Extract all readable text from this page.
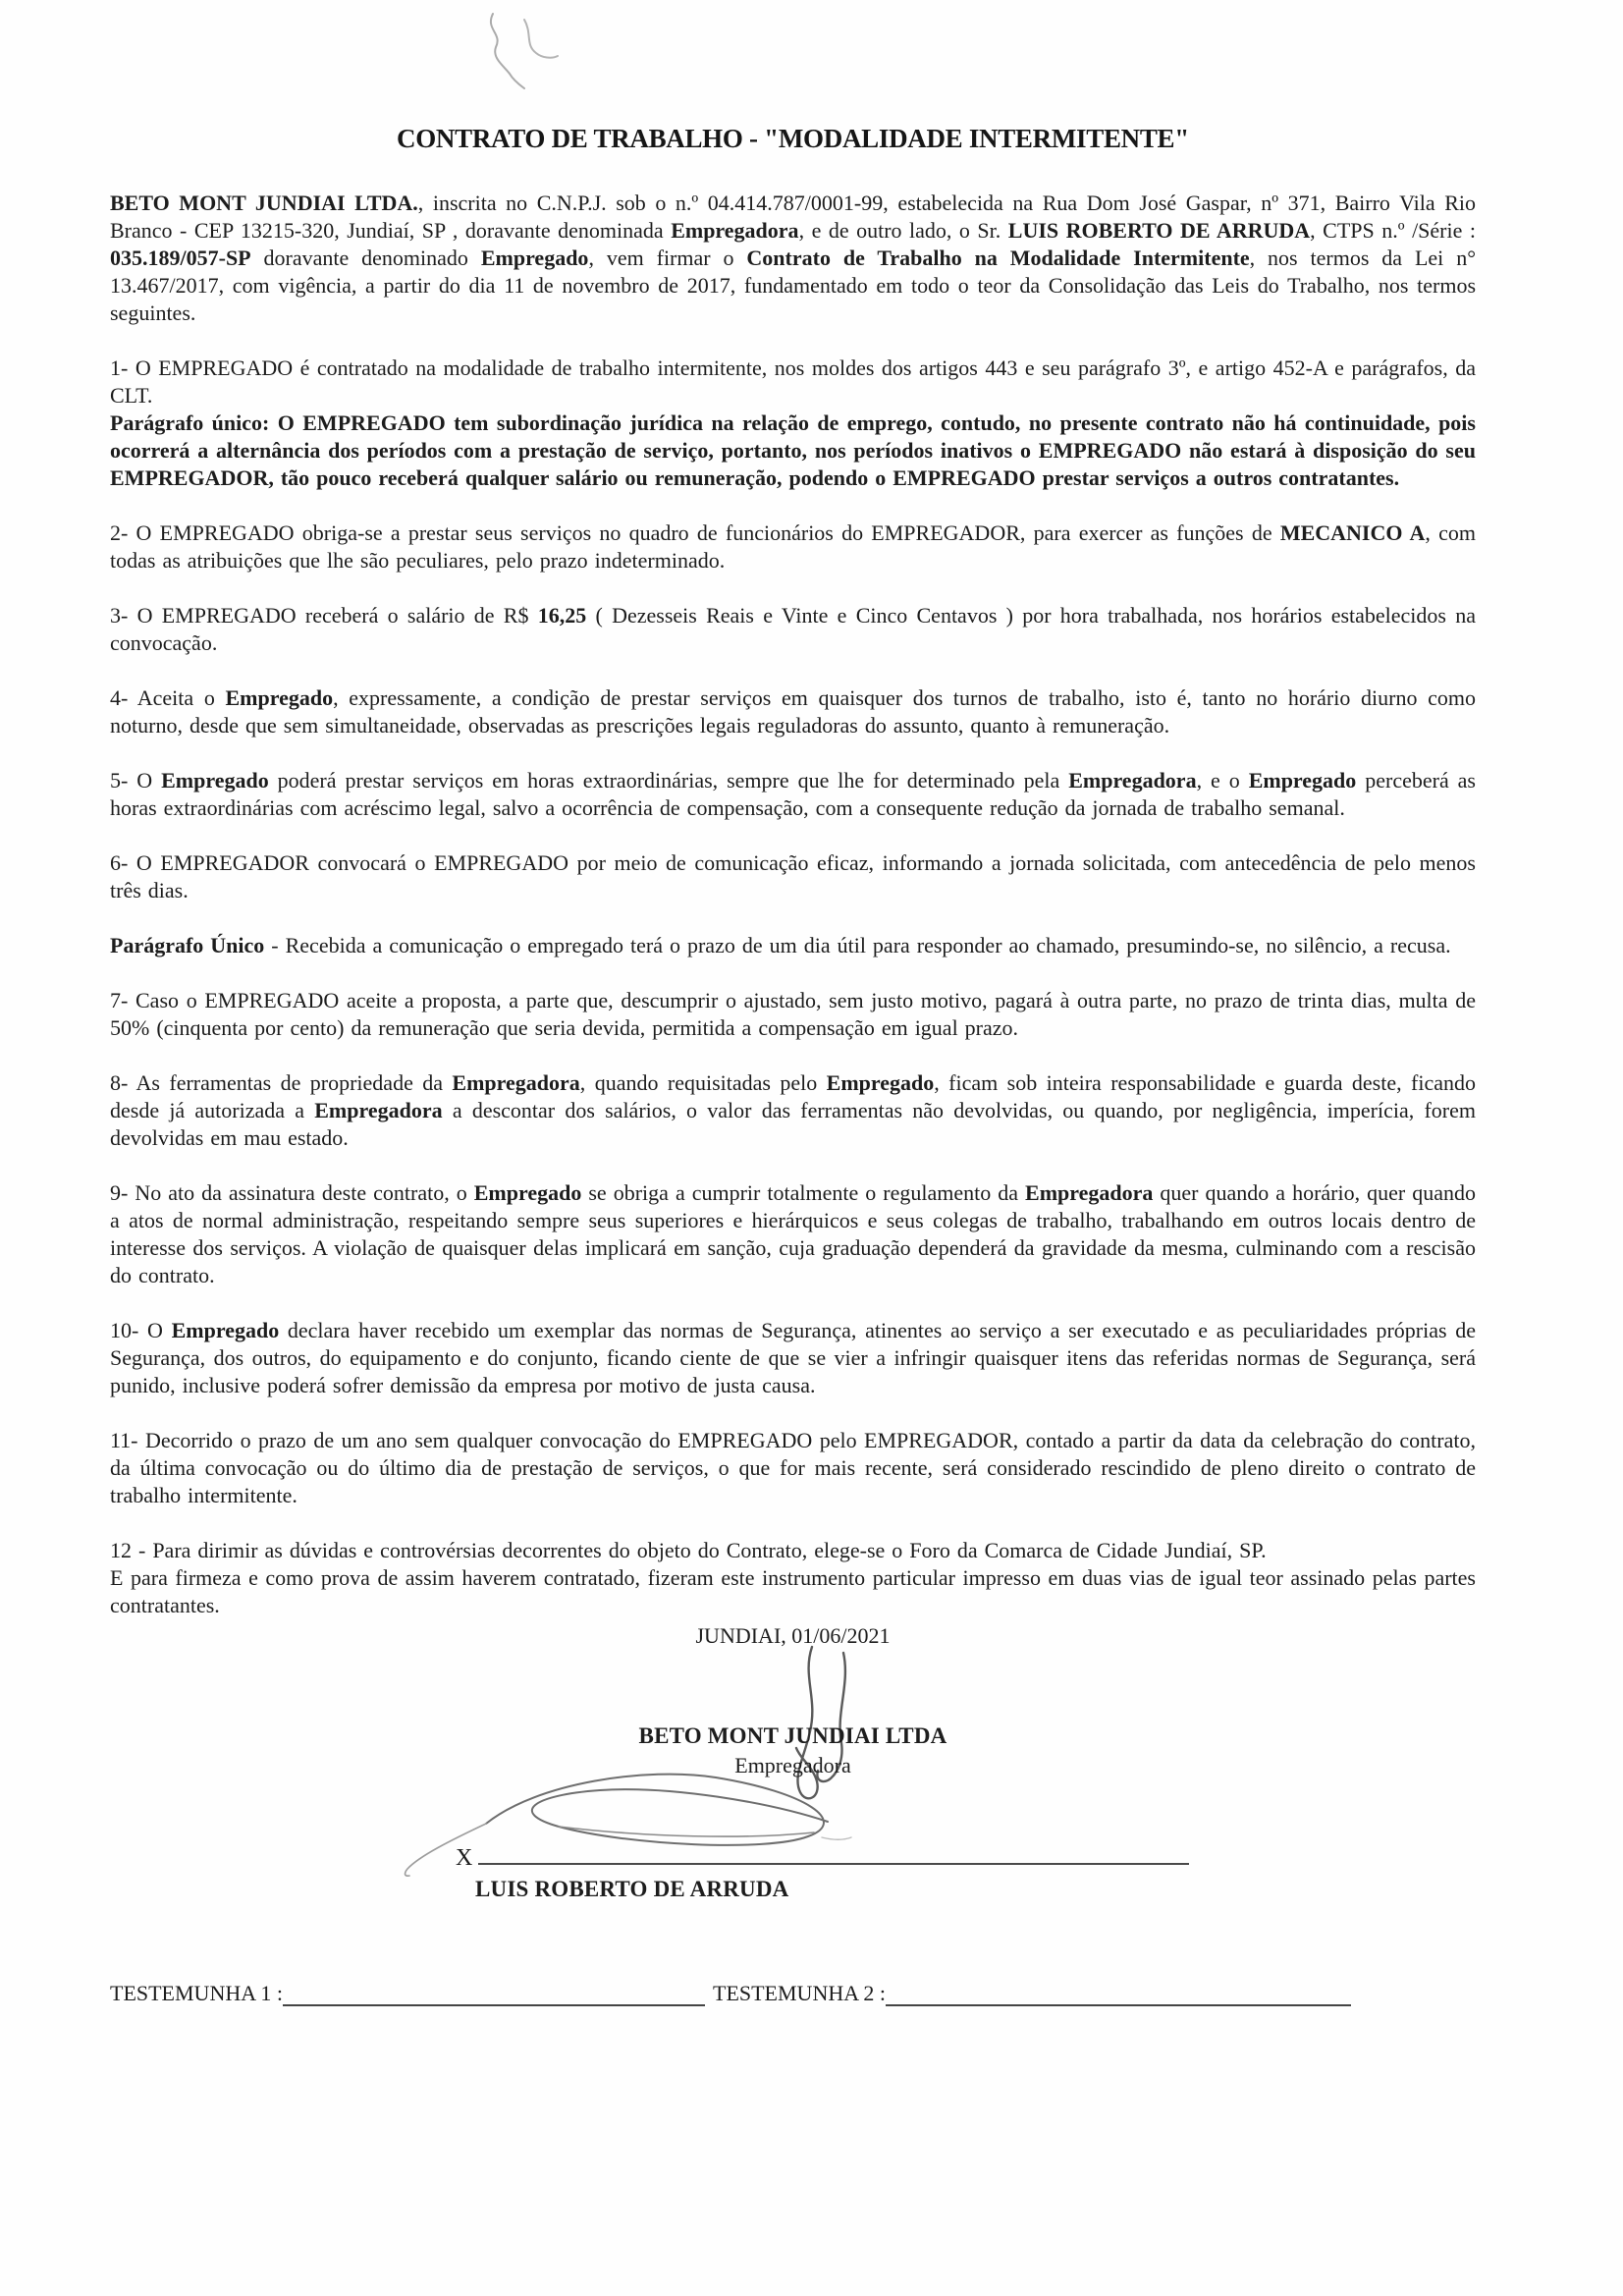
CONTRATO DE TRABALHO - "MODALIDADE INTERMITENTE"

BETO MONT JUNDIAI LTDA., inscrita no C.N.P.J. sob o n.º 04.414.787/0001-99, estabelecida na Rua Dom José Gaspar, nº 371, Bairro Vila Rio Branco - CEP 13215-320, Jundiaí, SP , doravante denominada Empregadora, e de outro lado, o Sr. LUIS ROBERTO DE ARRUDA, CTPS n.º /Série : 035.189/057-SP doravante denominado Empregado, vem firmar o Contrato de Trabalho na Modalidade Intermitente, nos termos da Lei n° 13.467/2017, com vigência, a partir do dia 11 de novembro de 2017, fundamentado em todo o teor da Consolidação das Leis do Trabalho, nos termos seguintes.

1- O EMPREGADO é contratado na modalidade de trabalho intermitente, nos moldes dos artigos 443 e seu parágrafo 3º, e artigo 452-A e parágrafos, da CLT.

Parágrafo único: O EMPREGADO tem subordinação jurídica na relação de emprego, contudo, no presente contrato não há continuidade, pois ocorrerá a alternância dos períodos com a prestação de serviço, portanto, nos períodos inativos o EMPREGADO não estará à disposição do seu EMPREGADOR, tão pouco receberá qualquer salário ou remuneração, podendo o EMPREGADO prestar serviços a outros contratantes.

2- O EMPREGADO obriga-se a prestar seus serviços no quadro de funcionários do EMPREGADOR, para exercer as funções de MECANICO A, com todas as atribuições que lhe são peculiares, pelo prazo indeterminado.

3- O EMPREGADO receberá o salário de R$ 16,25 ( Dezesseis Reais e Vinte e Cinco Centavos ) por hora trabalhada, nos horários estabelecidos na convocação.

4- Aceita o Empregado, expressamente, a condição de prestar serviços em quaisquer dos turnos de trabalho, isto é, tanto no horário diurno como noturno, desde que sem simultaneidade, observadas as prescrições legais reguladoras do assunto, quanto à remuneração.

5- O Empregado poderá prestar serviços em horas extraordinárias, sempre que lhe for determinado pela Empregadora, e o Empregado perceberá as horas extraordinárias com acréscimo legal, salvo a ocorrência de compensação, com a consequente redução da jornada de trabalho semanal.

6- O EMPREGADOR convocará o EMPREGADO por meio de comunicação eficaz, informando a jornada solicitada, com antecedência de pelo menos três dias.

Parágrafo Único - Recebida a comunicação o empregado terá o prazo de um dia útil para responder ao chamado, presumindo-se, no silêncio, a recusa.

7- Caso o EMPREGADO aceite a proposta, a parte que, descumprir o ajustado, sem justo motivo, pagará à outra parte, no prazo de trinta dias, multa de 50% (cinquenta por cento) da remuneração que seria devida, permitida a compensação em igual prazo.

8- As ferramentas de propriedade da Empregadora, quando requisitadas pelo Empregado, ficam sob inteira responsabilidade e guarda deste, ficando desde já autorizada a Empregadora a descontar dos salários, o valor das ferramentas não devolvidas, ou quando, por negligência, imperícia, forem devolvidas em mau estado.

9- No ato da assinatura deste contrato, o Empregado se obriga a cumprir totalmente o regulamento da Empregadora quer quando a horário, quer quando a atos de normal administração, respeitando sempre seus superiores e hierárquicos e seus colegas de trabalho, trabalhando em outros locais dentro de interesse dos serviços. A violação de quaisquer delas implicará em sanção, cuja graduação dependerá da gravidade da mesma, culminando com a rescisão do contrato.

10- O Empregado declara haver recebido um exemplar das normas de Segurança, atinentes ao serviço a ser executado e as peculiaridades próprias de Segurança, dos outros, do equipamento e do conjunto, ficando ciente de que se vier a infringir quaisquer itens das referidas normas de Segurança, será punido, inclusive poderá sofrer demissão da empresa por motivo de justa causa.

11- Decorrido o prazo de um ano sem qualquer convocação do EMPREGADO pelo EMPREGADOR, contado a partir da data da celebração do contrato, da última convocação ou do último dia de prestação de serviços, o que for mais recente, será considerado rescindido de pleno direito o contrato de trabalho intermitente.

12 - Para dirimir as dúvidas e controvérsias decorrentes do objeto do Contrato, elege-se o Foro da Comarca de Cidade Jundiaí, SP.

E para firmeza e como prova de assim haverem contratado, fizeram este instrumento particular impresso em duas vias de igual teor assinado pelas partes contratantes.

JUNDIAI, 01/06/2021
BETO MONT JUNDIAI LTDA
Empregadora
X
LUIS ROBERTO DE ARRUDA
TESTEMUNHA 1 :	TESTEMUNHA 2 :
